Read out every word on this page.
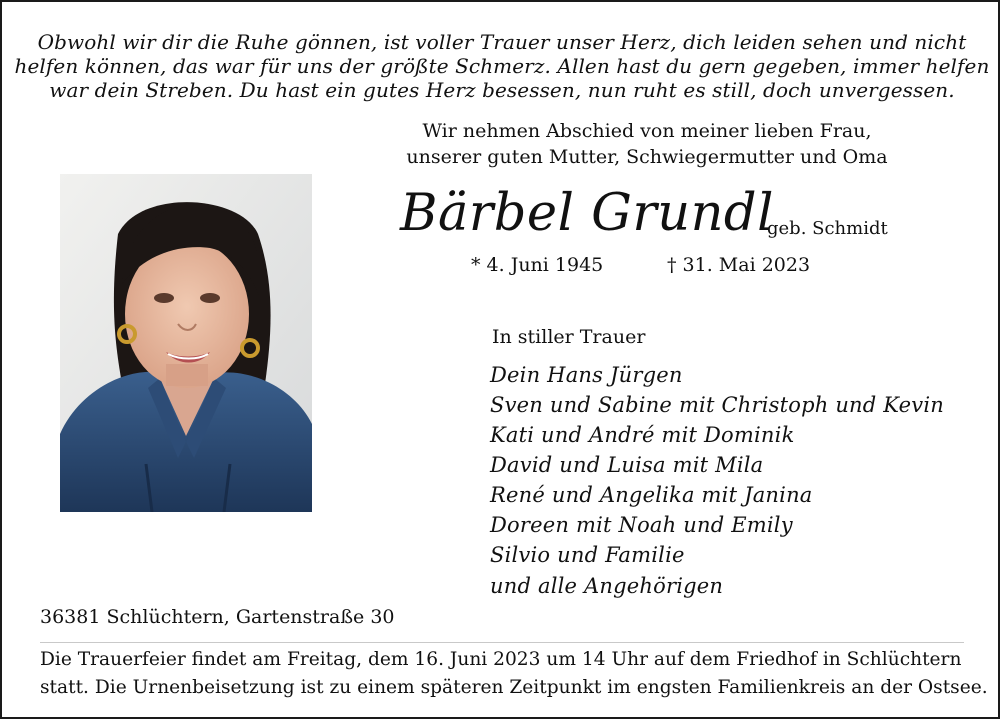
Obwohl wir dir die Ruhe gönnen, ist voller Trauer unser Herz, dich leiden sehen und nicht
helfen können, das war für uns der größte Schmerz. Allen hast du gern gegeben, immer helfen
war dein Streben. Du hast ein gutes Herz besessen, nun ruht es still, doch unvergessen.
Wir nehmen Abschied von meiner lieben Frau,
unserer guten Mutter, Schwiegermutter und Oma
Bärbel Grundl
geb. Schmidt
* 4. Juni 1945	† 31. Mai 2023
In stiller Trauer
Dein Hans Jürgen
Sven und Sabine mit Christoph und Kevin
Kati und André mit Dominik
David und Luisa mit Mila
René und Angelika mit Janina
Doreen mit Noah und Emily
Silvio und Familie
und alle Angehörigen
36381 Schlüchtern, Gartenstraße 30
Die Trauerfeier findet am Freitag, dem 16. Juni 2023 um 14 Uhr auf dem Friedhof in Schlüchtern
statt. Die Urnenbeisetzung ist zu einem späteren Zeitpunkt im engsten Familienkreis an der Ostsee.
